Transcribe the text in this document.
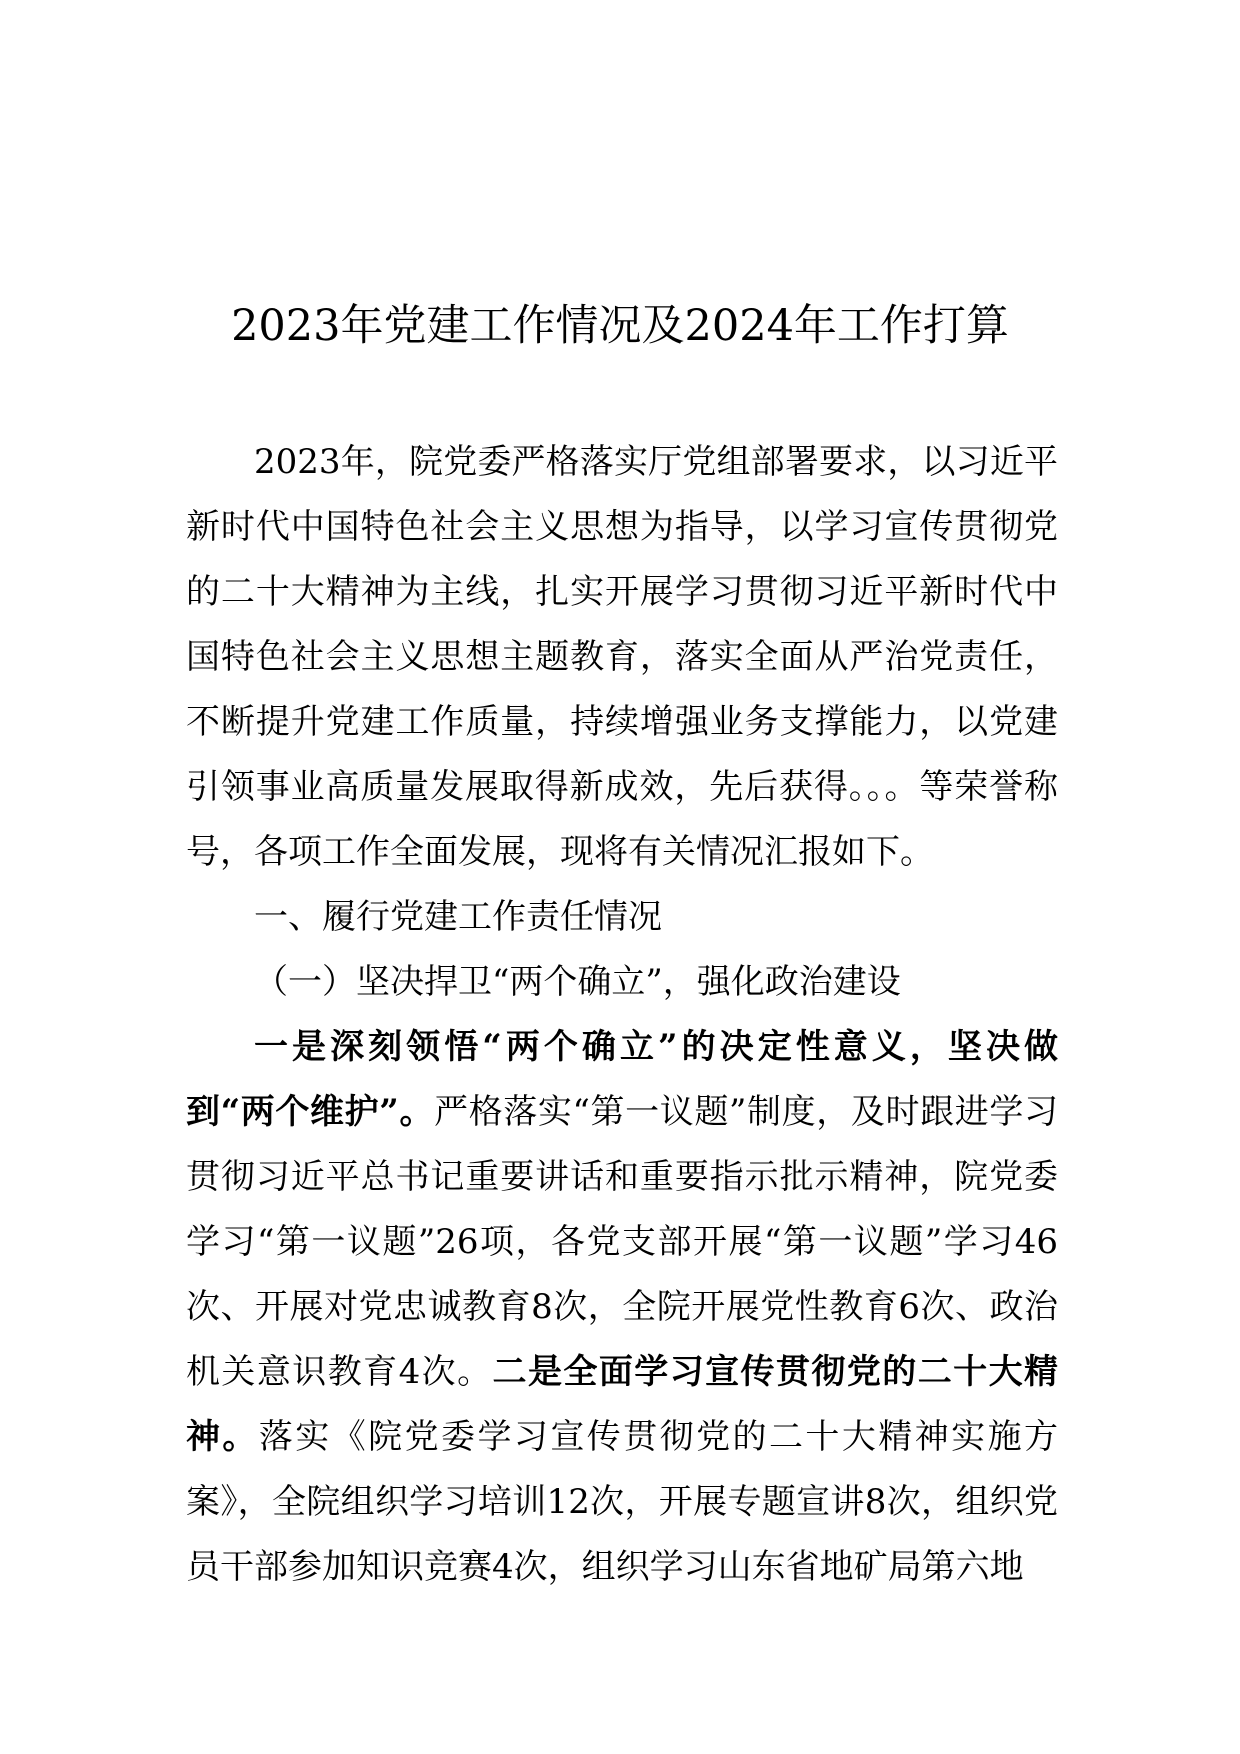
2023年党建工作情况及2024年工作打算

2023年，院党委严格落实厅党组部署要求，以习近平新时代中国特色社会主义思想为指导，以学习宣传贯彻党的二十大精神为主线，扎实开展学习贯彻习近平新时代中国特色社会主义思想主题教育，落实全面从严治党责任，不断提升党建工作质量，持续增强业务支撑能力，以党建引领事业高质量发展取得新成效，先后获得。。。等荣誉称号，各项工作全面发展，现将有关情况汇报如下。

一、履行党建工作责任情况

（一）坚决捍卫“两个确立”，强化政治建设

一是深刻领悟“两个确立”的决定性意义，坚决做到“两个维护”。严格落实“第一议题”制度，及时跟进学习贯彻习近平总书记重要讲话和重要指示批示精神，院党委学习“第一议题”26项，各党支部开展“第一议题”学习46次、开展对党忠诚教育8次，全院开展党性教育6次、政治机关意识教育4次。二是全面学习宣传贯彻党的二十大精神。落实《院党委学习宣传贯彻党的二十大精神实施方案》，全院组织学习培训12次，开展专题宣讲8次，组织党员干部参加知识竞赛4次，组织学习山东省地矿局第六地
